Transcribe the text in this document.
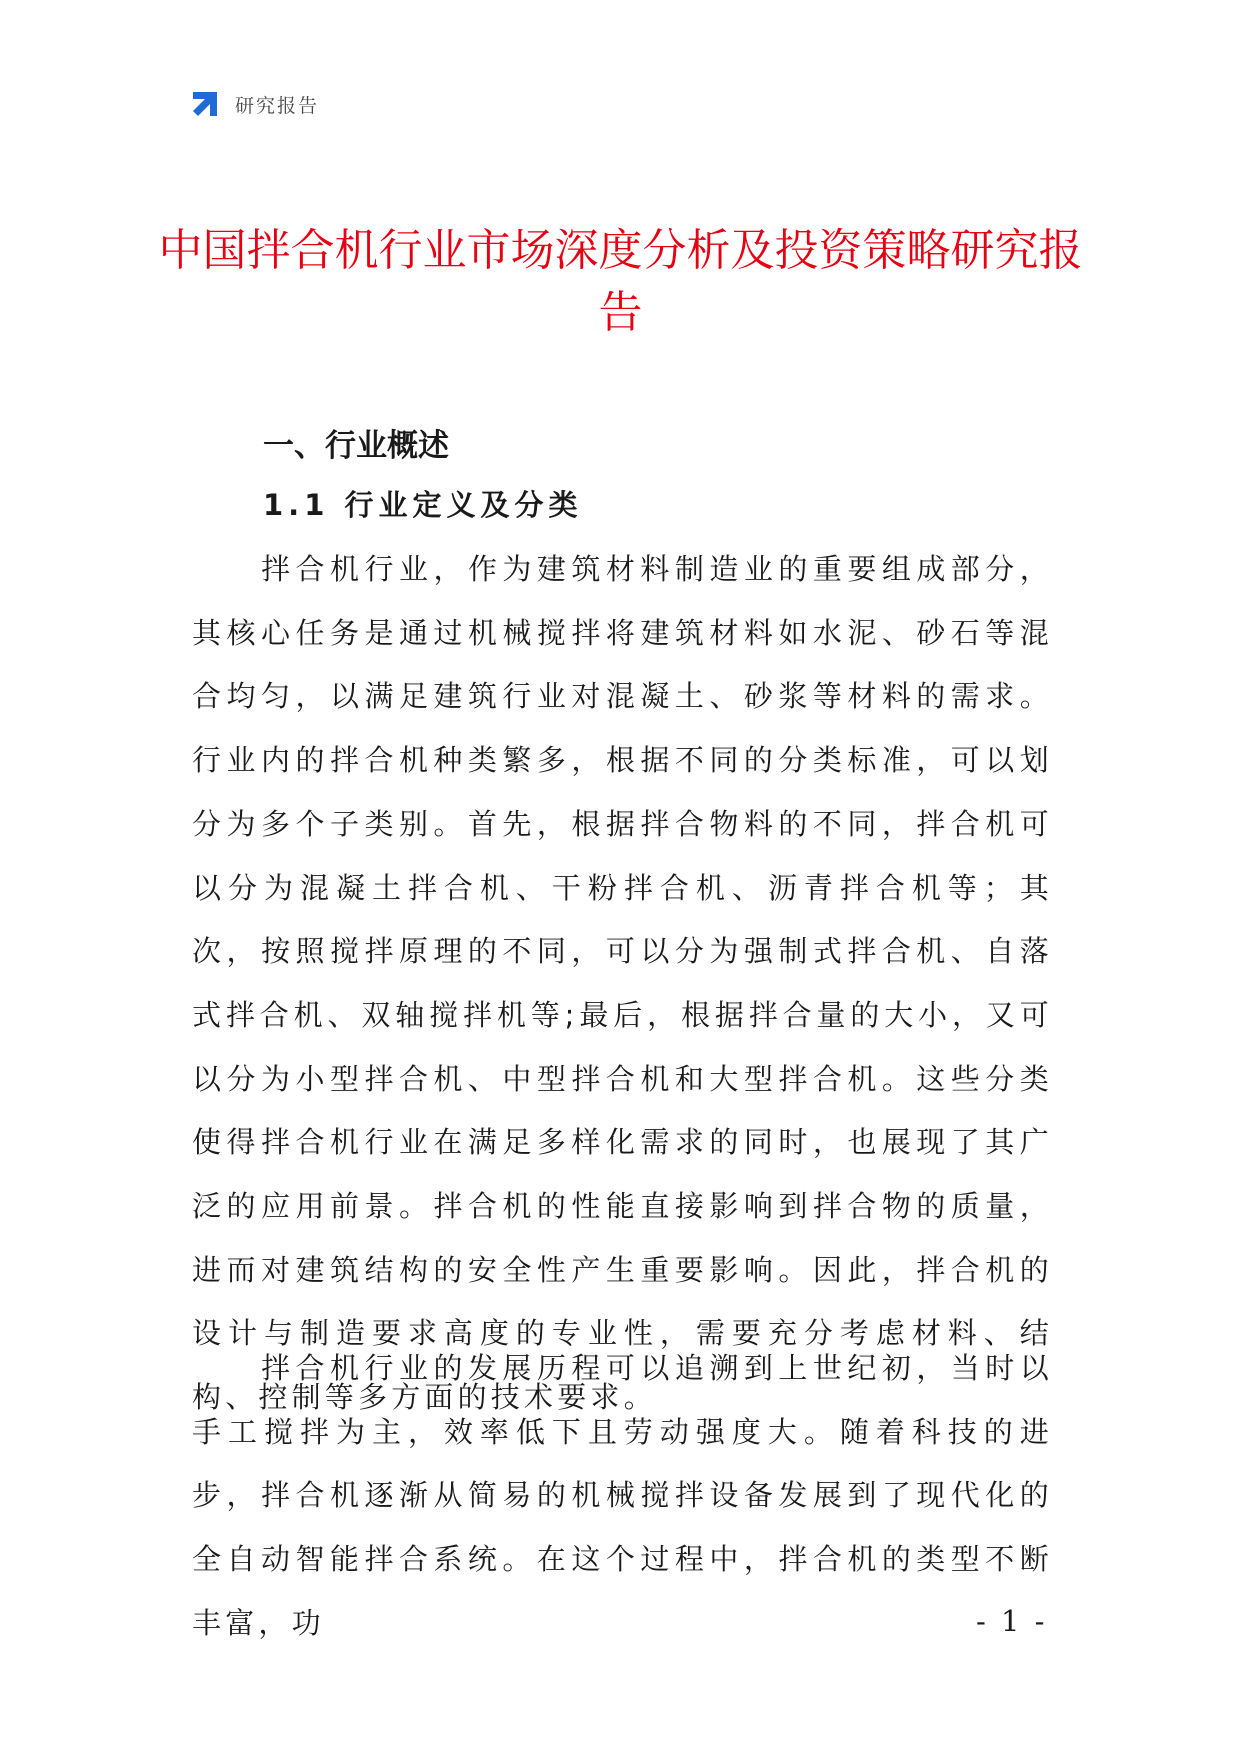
研究报告
中国拌合机行业市场深度分析及投资策略研究报告
一、行业概述
1.1 行业定义及分类

拌合机行业，作为建筑材料制造业的重要组成部分，其核心任务是通过机械搅拌将建筑材料如水泥、砂石等混合均匀，以满足建筑行业对混凝土、砂浆等材料的需求。行业内的拌合机种类繁多，根据不同的分类标准，可以划分为多个子类别。首先，根据拌合物料的不同，拌合机可以分为混凝土拌合机、干粉拌合机、沥青拌合机等；其次，按照搅拌原理的不同，可以分为强制式拌合机、自落式拌合机、双轴搅拌机等;最后，根据拌合量的大小，又可以分为小型拌合机、中型拌合机和大型拌合机。这些分类使得拌合机行业在满足多样化需求的同时，也展现了其广泛的应用前景。拌合机的性能直接影响到拌合物的质量，进而对建筑结构的安全性产生重要影响。因此，拌合机的设计与制造要求高度的专业性，需要充分考虑材料、结构、控制等多方面的技术要求。

拌合机行业的发展历程可以追溯到上世纪初，当时以手工搅拌为主，效率低下且劳动强度大。随着科技的进步，拌合机逐渐从简易的机械搅拌设备发展到了现代化的全自动智能拌合系统。在这个过程中，拌合机的类型不断丰富，功	- 1 -
